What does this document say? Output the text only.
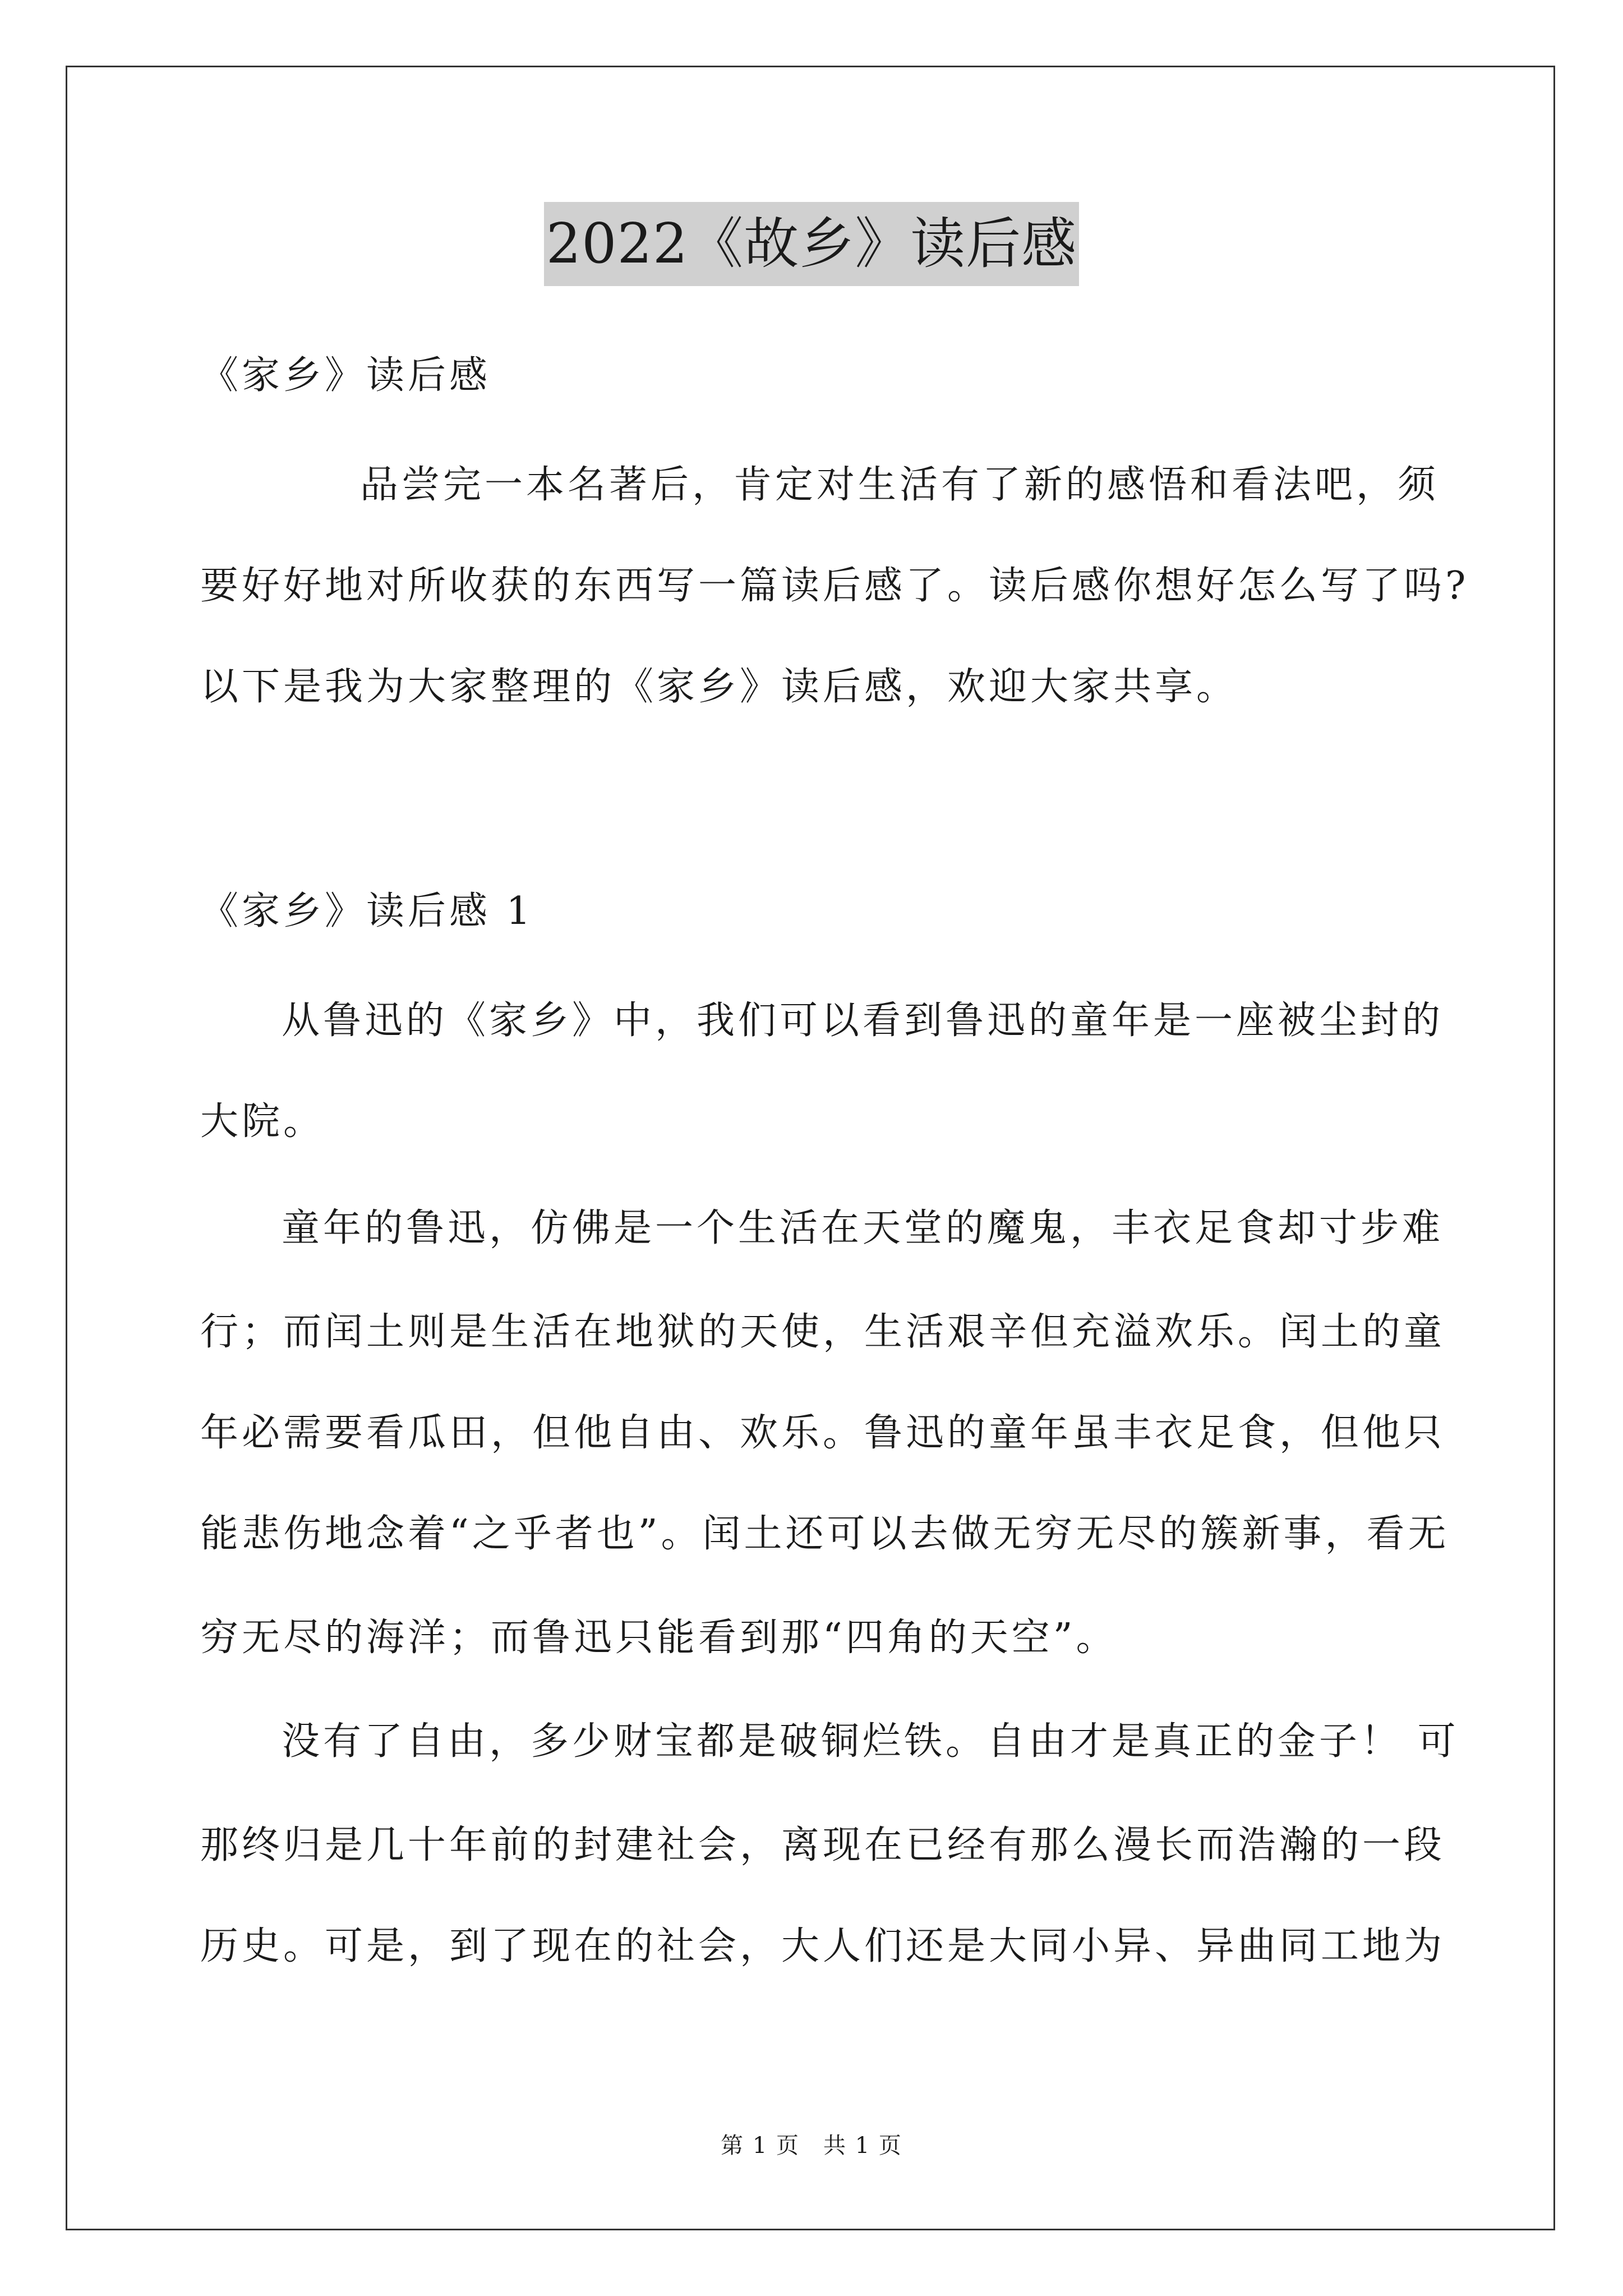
2022《故乡》读后感
《家乡》读后感
品尝完一本名著后，肯定对生活有了新的感悟和看法吧，须
要好好地对所收获的东西写一篇读后感了。读后感你想好怎么写了吗?
以下是我为大家整理的《家乡》读后感，欢迎大家共享。
《家乡》读后感 1
从鲁迅的《家乡》中，我们可以看到鲁迅的童年是一座被尘封的
大院。
童年的鲁迅，仿佛是一个生活在天堂的魔鬼，丰衣足食却寸步难
行；而闰土则是生活在地狱的天使，生活艰辛但充溢欢乐。闰土的童
年必需要看瓜田，但他自由、欢乐。鲁迅的童年虽丰衣足食，但他只
能悲伤地念着“之乎者也”。闰土还可以去做无穷无尽的簇新事，看无
穷无尽的海洋；而鲁迅只能看到那“四角的天空”。
没有了自由，多少财宝都是破铜烂铁。自由才是真正的金子！ 可
那终归是几十年前的封建社会，离现在已经有那么漫长而浩瀚的一段
历史。可是，到了现在的社会，大人们还是大同小异、异曲同工地为
第 1 页　共 1 页
